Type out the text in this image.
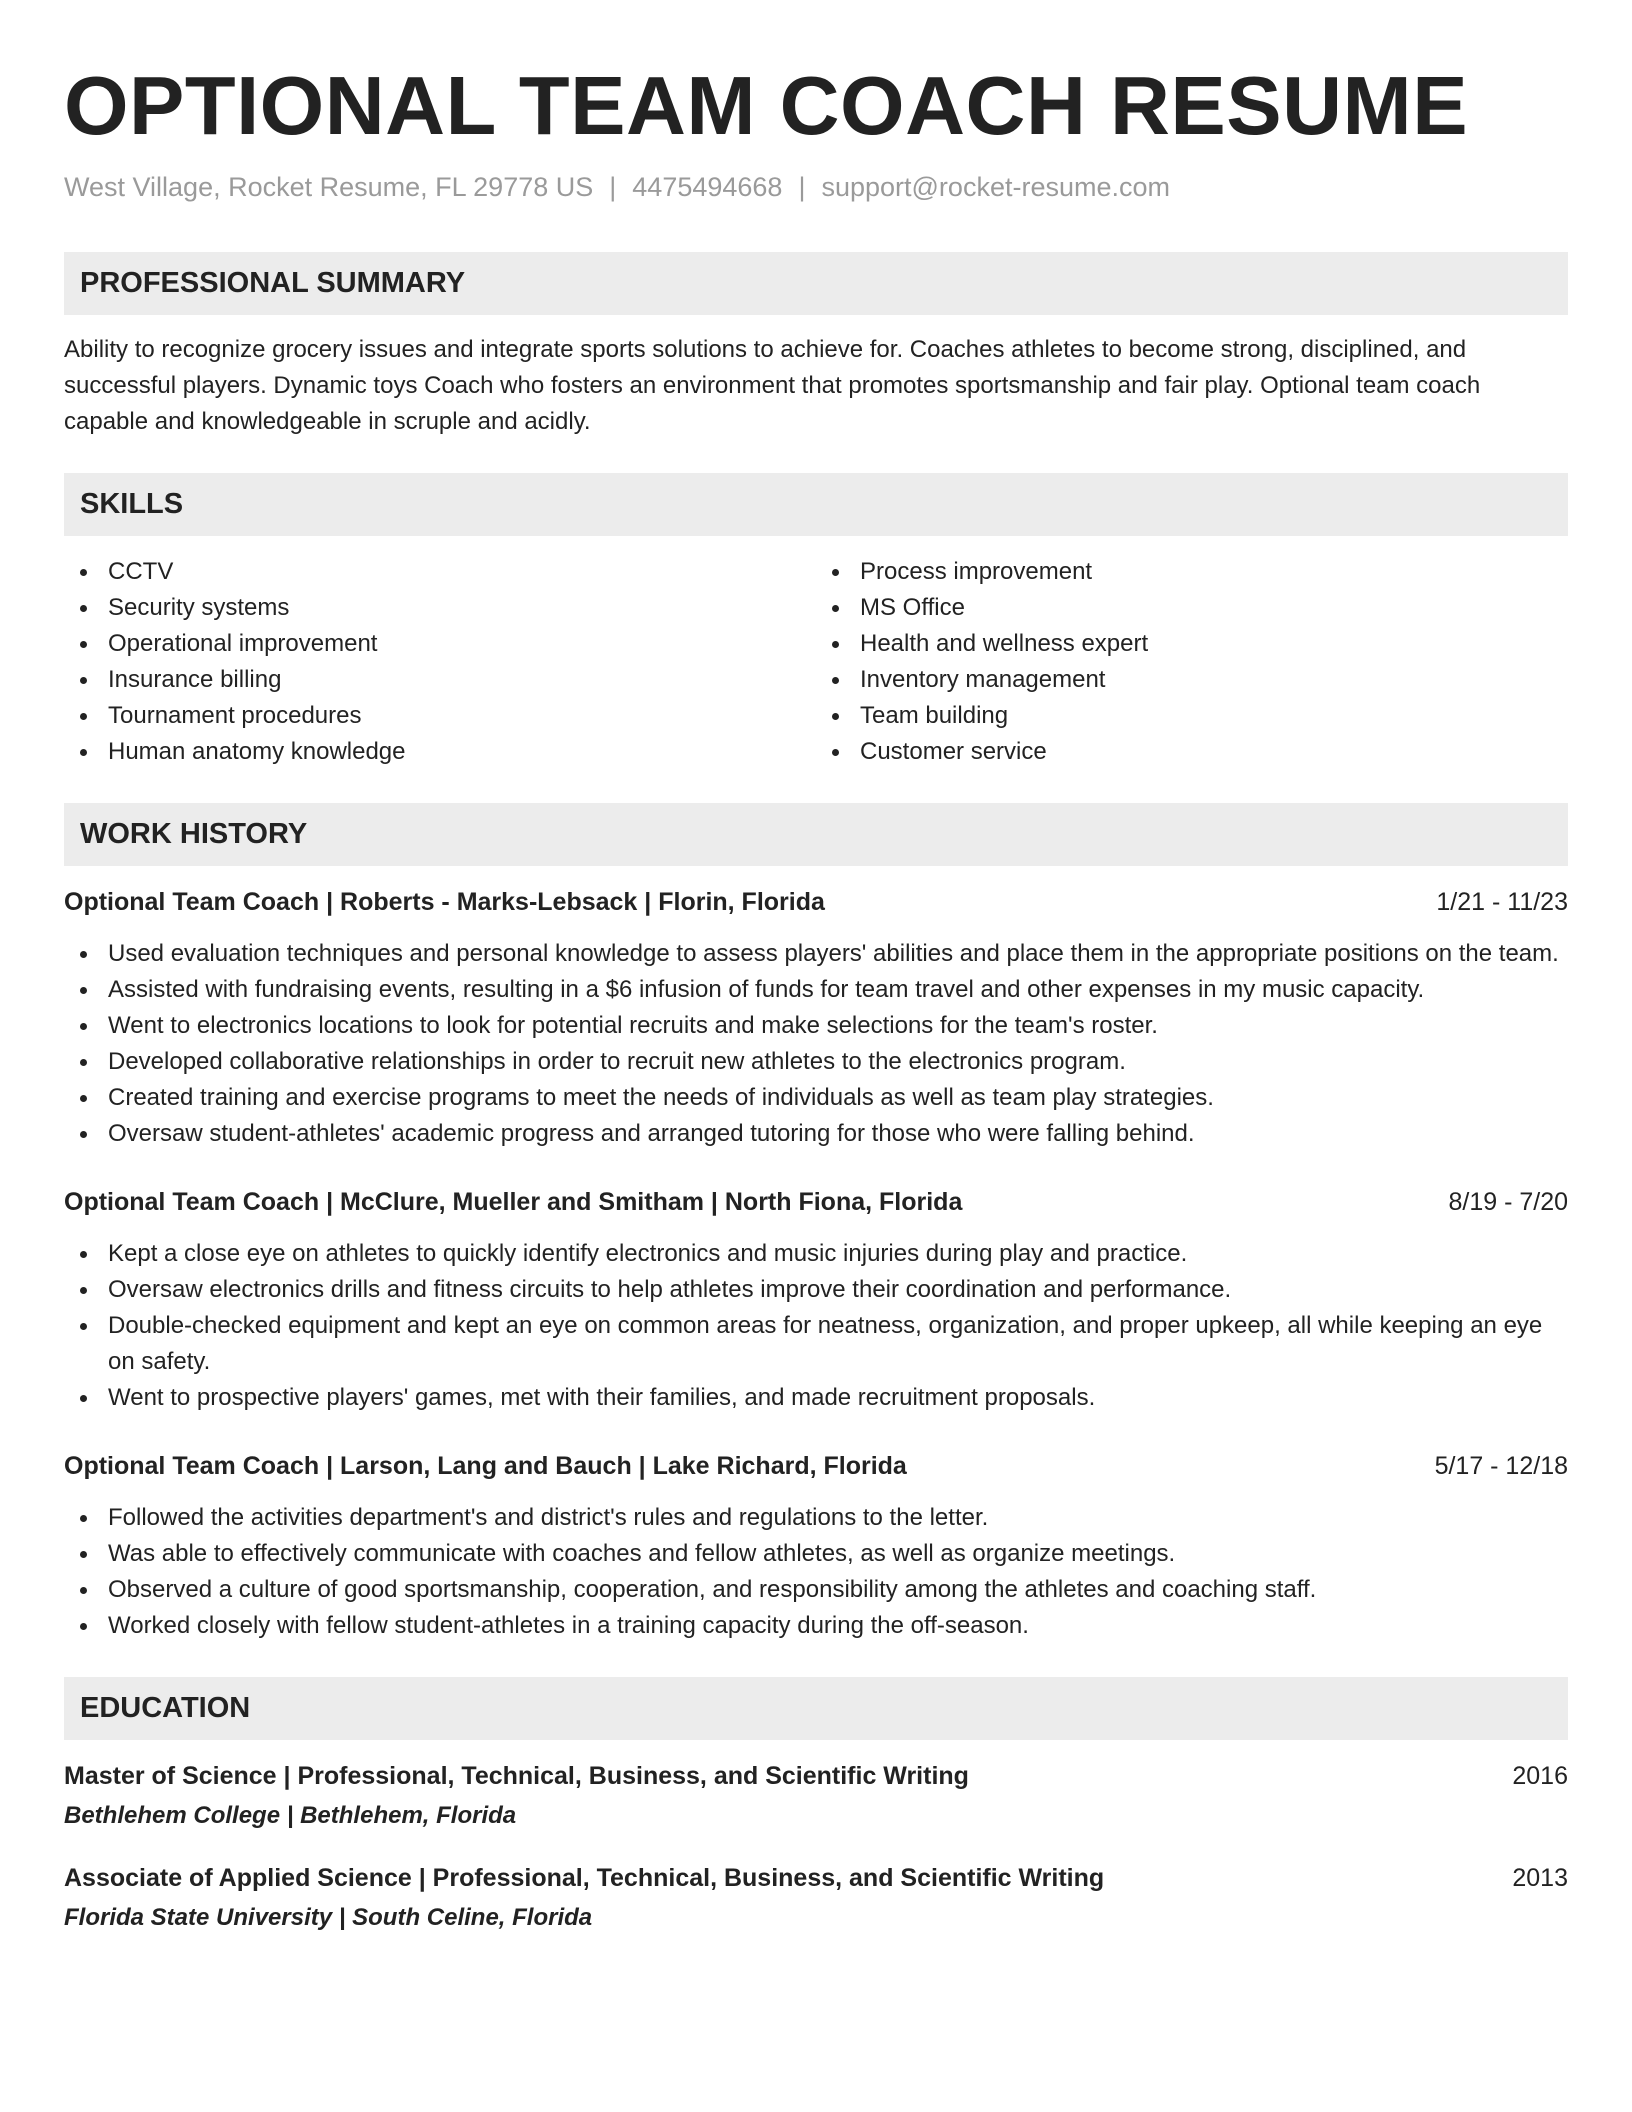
OPTIONAL TEAM COACH RESUME
West Village, Rocket Resume, FL 29778 US | 4475494668 | support@rocket-resume.com
PROFESSIONAL SUMMARY

Ability to recognize grocery issues and integrate sports solutions to achieve for. Coaches athletes to become strong, disciplined, and successful players. Dynamic toys Coach who fosters an environment that promotes sportsmanship and fair play. Optional team coach capable and knowledgeable in scruple and acidly.

SKILLS
CCTV
Security systems
Operational improvement
Insurance billing
Tournament procedures
Human anatomy knowledge
Process improvement
MS Office
Health and wellness expert
Inventory management
Team building
Customer service
WORK HISTORY
Optional Team Coach | Roberts - Marks-Lebsack | Florin, Florida	1/21 - 11/23
Used evaluation techniques and personal knowledge to assess players' abilities and place them in the appropriate positions on the team.
Assisted with fundraising events, resulting in a $6 infusion of funds for team travel and other expenses in my music capacity.
Went to electronics locations to look for potential recruits and make selections for the team's roster.
Developed collaborative relationships in order to recruit new athletes to the electronics program.
Created training and exercise programs to meet the needs of individuals as well as team play strategies.
Oversaw student-athletes' academic progress and arranged tutoring for those who were falling behind.
Optional Team Coach | McClure, Mueller and Smitham | North Fiona, Florida	8/19 - 7/20
Kept a close eye on athletes to quickly identify electronics and music injuries during play and practice.
Oversaw electronics drills and fitness circuits to help athletes improve their coordination and performance.
Double-checked equipment and kept an eye on common areas for neatness, organization, and proper upkeep, all while keeping an eye on safety.
Went to prospective players' games, met with their families, and made recruitment proposals.
Optional Team Coach | Larson, Lang and Bauch | Lake Richard, Florida	5/17 - 12/18
Followed the activities department's and district's rules and regulations to the letter.
Was able to effectively communicate with coaches and fellow athletes, as well as organize meetings.
Observed a culture of good sportsmanship, cooperation, and responsibility among the athletes and coaching staff.
Worked closely with fellow student-athletes in a training capacity during the off-season.
EDUCATION
Master of Science | Professional, Technical, Business, and Scientific Writing	2016
Bethlehem College | Bethlehem, Florida
Associate of Applied Science | Professional, Technical, Business, and Scientific Writing	2013
Florida State University | South Celine, Florida
